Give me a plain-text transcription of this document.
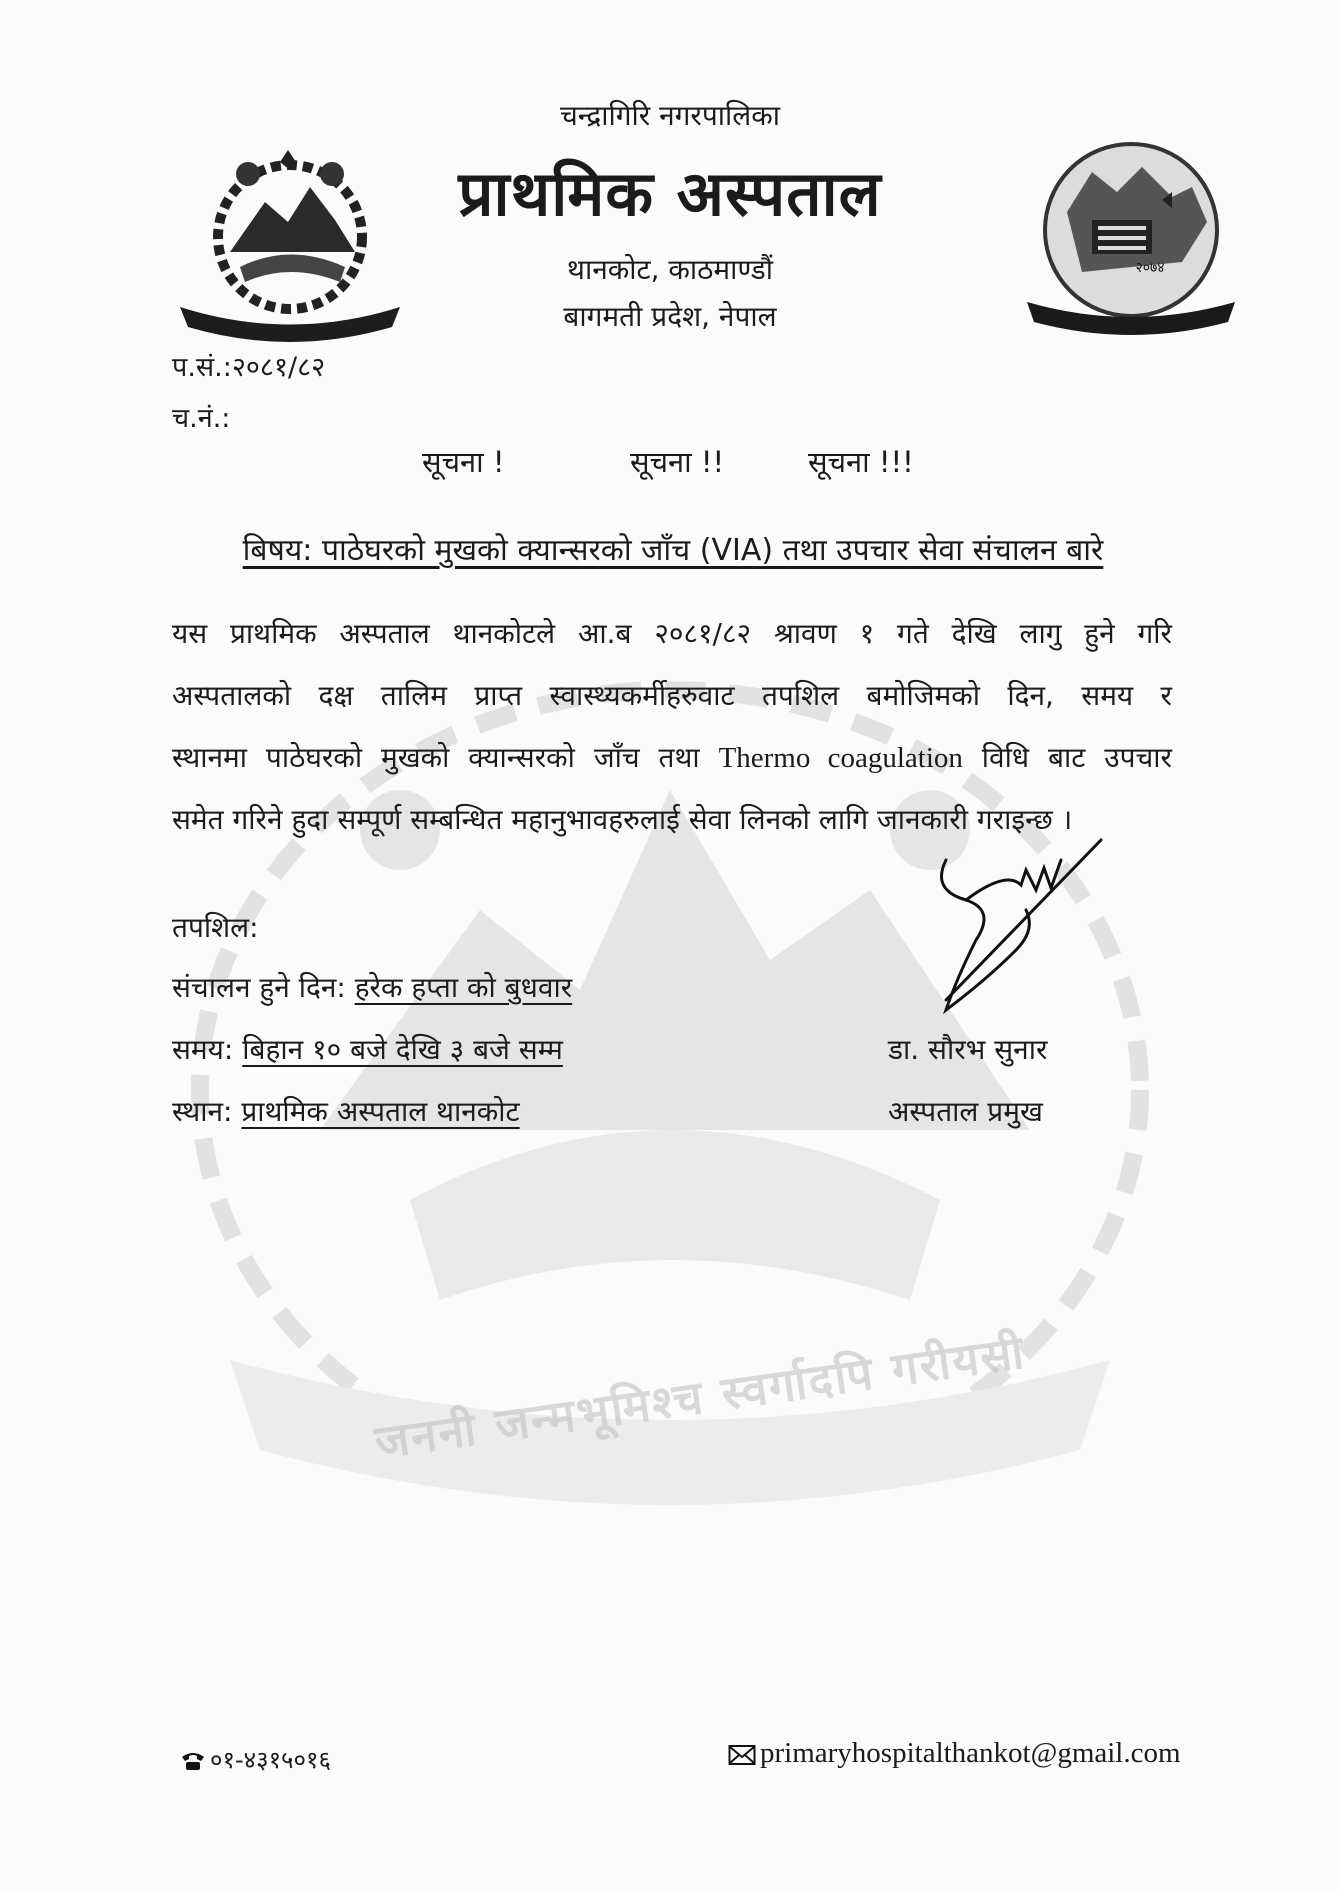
जननी जन्मभूमिश्च स्वर्गादपि गरीयसी
•••••••••••••••••
२०७४
चन्द्रागिरि नगरपालिका
प्राथमिक अस्पताल
थानकोट, काठमाण्डौं
बागमती प्रदेश, नेपाल
प.सं.:२०८१/८२
च.नं.:
सूचना !	सूचना !!	सूचना !!!
बिषय: पाठेघरको मुखको क्यान्सरको जाँच (VIA) तथा उपचार सेवा संचालन बारे
यस प्राथमिक अस्पताल थानकोटले आ.ब २०८१/८२ श्रावण १ गते देखि लागु हुने गरि
अस्पतालको दक्ष तालिम प्राप्त स्वास्थ्यकर्मीहरुवाट तपशिल बमोजिमको दिन, समय र
स्थानमा पाठेघरको मुखको क्यान्सरको जाँच तथा Thermo coagulation विधि बाट उपचार
समेत गरिने हुदा सम्पूर्ण सम्बन्धित महानुभावहरुलाई सेवा लिनको लागि जानकारी गराइन्छ ।
तपशिल:
संचालन हुने दिन: हरेक हप्ता को बुधवार
समय: बिहान १० बजे देखि ३ बजे सम्म
स्थान: प्राथमिक अस्पताल थानकोट
डा. सौरभ सुनार
अस्पताल प्रमुख
०१-४३१५०१६	primaryhospitalthankot@gmail.com
